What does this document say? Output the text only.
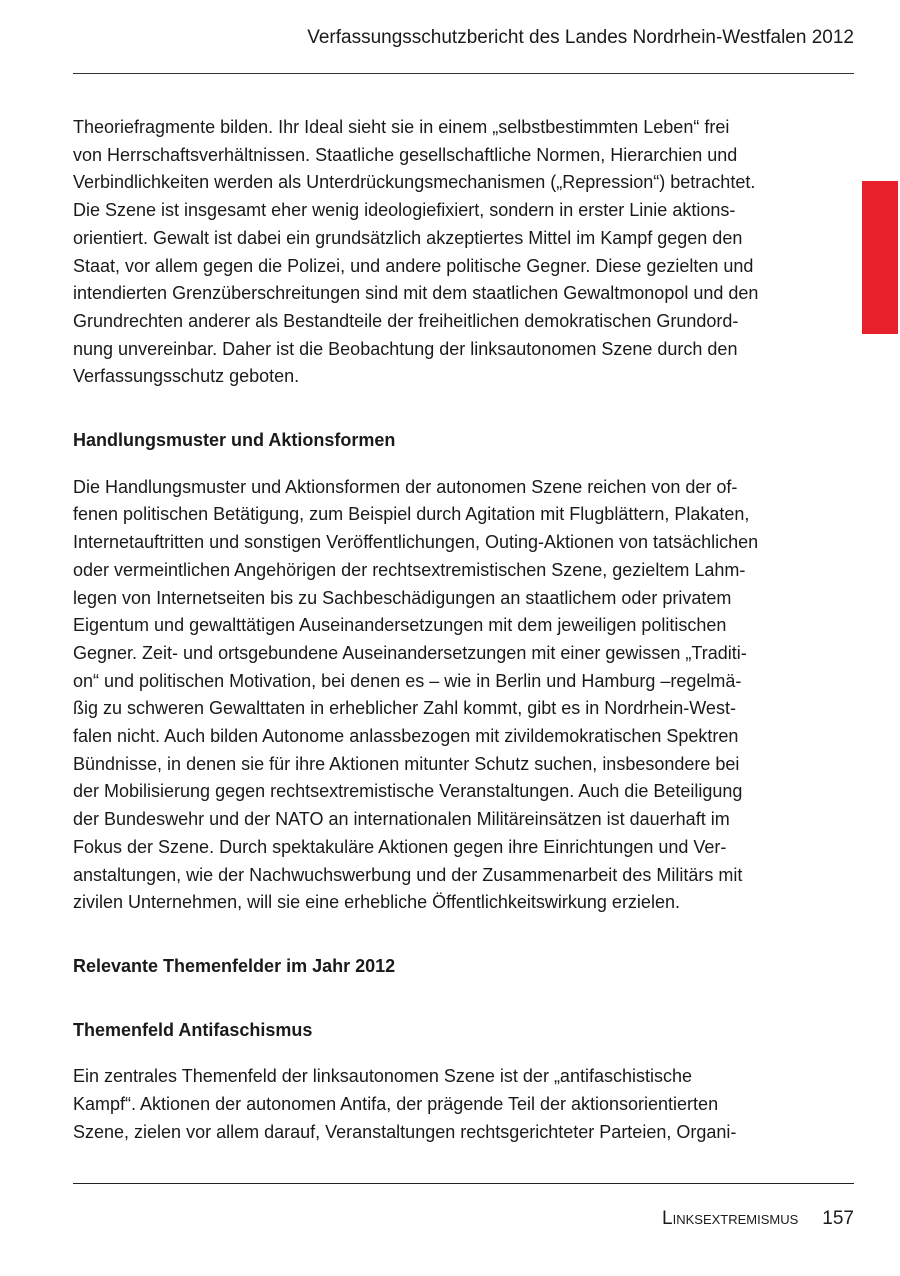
Verfassungsschutzbericht des Landes Nordrhein-Westfalen 2012
Theoriefragmente bilden. Ihr Ideal sieht sie in einem „selbstbestimmten Leben“ frei
von Herrschaftsverhältnissen. Staatliche gesellschaftliche Normen, Hierarchien und
Verbindlichkeiten werden als Unterdrückungsmechanismen („Repression“) betrachtet.
Die Szene ist insgesamt eher wenig ideologiefixiert, sondern in erster Linie aktions-
orientiert. Gewalt ist dabei ein grundsätzlich akzeptiertes Mittel im Kampf gegen den
Staat, vor allem gegen die Polizei, und andere politische Gegner. Diese gezielten und
intendierten Grenzüberschreitungen sind mit dem staatlichen Gewaltmonopol und den
Grundrechten anderer als Bestandteile der freiheitlichen demokratischen Grundord-
nung unvereinbar. Daher ist die Beobachtung der linksautonomen Szene durch den
Verfassungsschutz geboten.
Handlungsmuster und Aktionsformen
Die Handlungsmuster und Aktionsformen der autonomen Szene reichen von der of-
fenen politischen Betätigung, zum Beispiel durch Agitation mit Flugblättern, Plakaten,
Internetauftritten und sonstigen Veröffentlichungen, Outing-Aktionen von tatsächlichen
oder vermeintlichen Angehörigen der rechtsextremistischen Szene, gezieltem Lahm-
legen von Internetseiten bis zu Sachbeschädigungen an staatlichem oder privatem
Eigentum und gewalttätigen Auseinandersetzungen mit dem jeweiligen politischen
Gegner. Zeit- und ortsgebundene Auseinandersetzungen mit einer gewissen „Traditi-
on“ und politischen Motivation, bei denen es – wie in Berlin und Hamburg –regelmä-
ßig zu schweren Gewalttaten in erheblicher Zahl kommt, gibt es in Nordrhein-West-
falen nicht. Auch bilden Autonome anlassbezogen mit zivildemokratischen Spektren
Bündnisse, in denen sie für ihre Aktionen mitunter Schutz suchen, insbesondere bei
der Mobilisierung gegen rechtsextremistische Veranstaltungen. Auch die Beteiligung
der Bundeswehr und der NATO an internationalen Militäreinsätzen ist dauerhaft im
Fokus der Szene. Durch spektakuläre Aktionen gegen ihre Einrichtungen und Ver-
anstaltungen, wie der Nachwuchswerbung und der Zusammenarbeit des Militärs mit
zivilen Unternehmen, will sie eine erhebliche Öffentlichkeitswirkung erzielen.
Relevante Themenfelder im Jahr 2012
Themenfeld Antifaschismus
Ein zentrales Themenfeld der linksautonomen Szene ist der „antifaschistische
Kampf“. Aktionen der autonomen Antifa, der prägende Teil der aktionsorientierten
Szene, zielen vor allem darauf, Veranstaltungen rechtsgerichteter Parteien, Organi-
Linksextremismus 157
